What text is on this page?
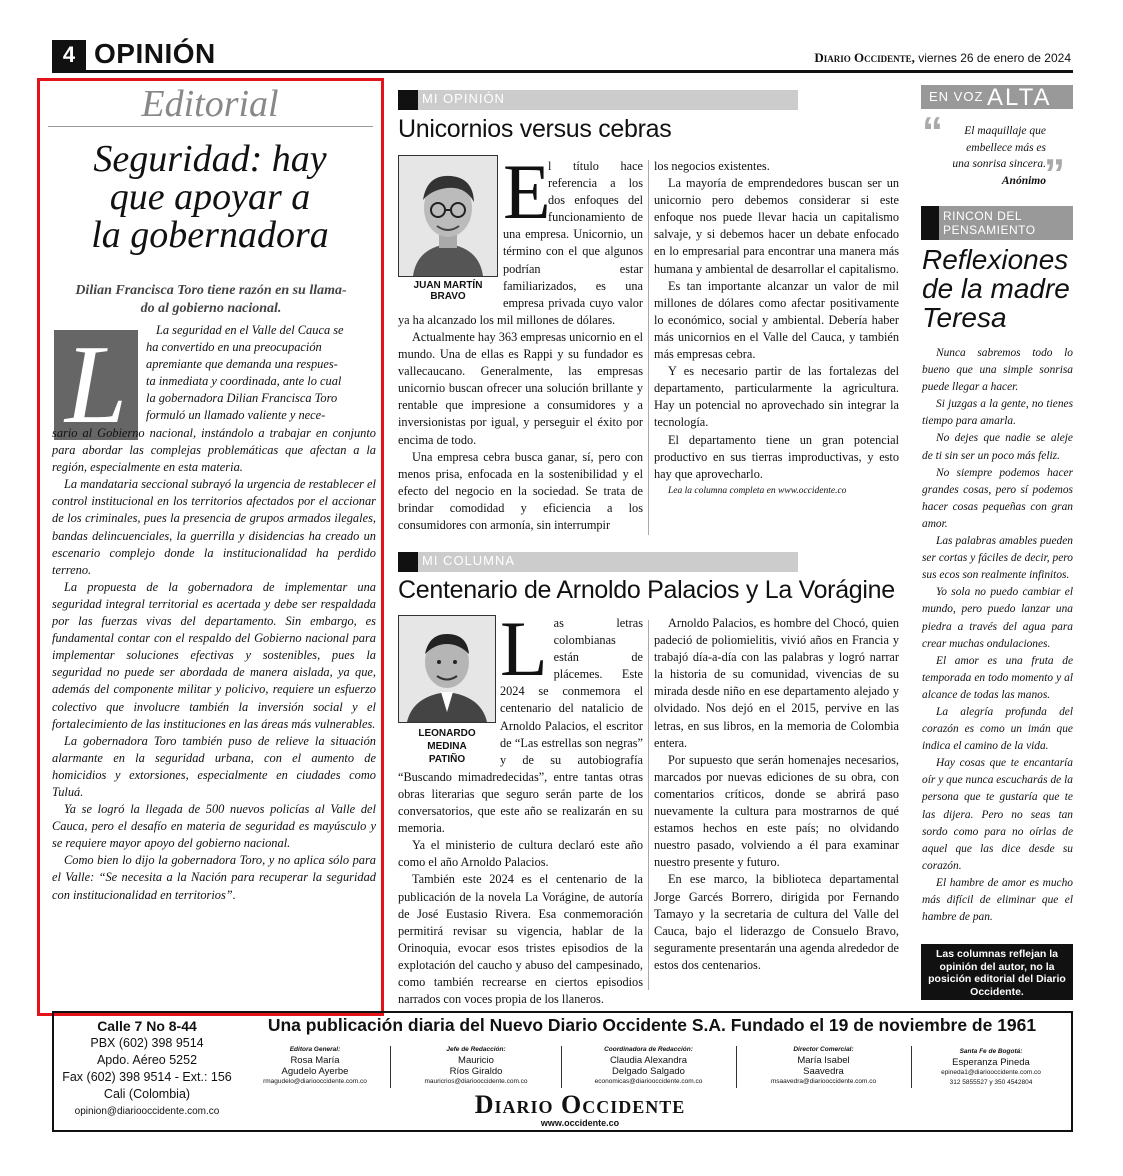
4 OPINIÓN	Diario Occidente, viernes 26 de enero de 2024
Editorial
Seguridad: hay
que apoyar a
la gobernadora
Dilian Francisca Toro tiene razón en su llama-
do al gobierno nacional.
L	La seguridad en el Valle del Cauca se
ha convertido en una preocupación
apremiante que demanda una respues-
ta inmediata y coordinada, ante lo cual
la gobernadora Dilian Francisca Toro
formuló un llamado valiente y nece-

sario al Gobierno nacional, instándolo a trabajar en conjunto para abordar las complejas problemáticas que afectan a la región, especialmente en esta materia.

La mandataria seccional subrayó la urgencia de restablecer el control institucional en los territorios afectados por el accionar de los criminales, pues la presencia de grupos armados ilegales, bandas delincuenciales, la guerrilla y disidencias ha creado un escenario complejo donde la institucionalidad ha perdido terreno.

La propuesta de la gobernadora de implementar una seguridad integral territorial es acertada y debe ser respaldada por las fuerzas vivas del departamento. Sin embargo, es fundamental contar con el respaldo del Gobierno nacional para implementar soluciones efectivas y sostenibles, pues la seguridad no puede ser abordada de manera aislada, ya que, además del componente militar y policivo, requiere un esfuerzo colectivo que involucre también la inversión social y el fortalecimiento de las instituciones en las áreas más vulnerables.

La gobernadora Toro también puso de relieve la situación alarmante en la seguridad urbana, con el aumento de homicidios y extorsiones, especialmente en ciudades como Tuluá.

Ya se logró la llegada de 500 nuevos policías al Valle del Cauca, pero el desafío en materia de seguridad es mayúsculo y se requiere mayor apoyo del gobierno nacional.

Como bien lo dijo la gobernadora Toro, y no aplica sólo para el Valle: “Se necesita a la Nación para recuperar la seguridad con institucionalidad en territorios”.

MI OPINIÓN
Unicornios versus cebras
JUAN MARTÍN BRAVO
E

l título hace referencia a los dos enfoques del funcionamiento de una empresa. Unicornio, un término con el que algunos podrían estar familiarizados, es una empresa privada cuyo valor ya ha alcanzado los mil millones de dólares.

Actualmente hay 363 empresas unicornio en el mundo. Una de ellas es Rappi y su fundador es vallecaucano. Generalmente, las empresas unicornio buscan ofrecer una solución brillante y rentable que impresione a consumidores y a inversionistas por igual, y perseguir el éxito por encima de todo.

Una empresa cebra busca ganar, sí, pero con menos prisa, enfocada en la sostenibilidad y el efecto del negocio en la sociedad. Se trata de brindar comodidad y eficiencia a los consumidores con armonía, sin interrumpir

los negocios existentes.

La mayoría de emprendedores buscan ser un unicornio pero debemos considerar si este enfoque nos puede llevar hacia un capitalismo salvaje, y si debemos hacer un debate enfocado en lo empresarial para encontrar una manera más humana y ambiental de desarrollar el capitalismo.

Es tan importante alcanzar un valor de mil millones de dólares como afectar positivamente lo económico, social y ambiental. Debería haber más unicornios en el Valle del Cauca, y también más empresas cebra.

Y es necesario partir de las fortalezas del departamento, particularmente la agricultura. Hay un potencial no aprovechado sin integrar la tecnología.

El departamento tiene un gran potencial productivo en sus tierras improductivas, y esto hay que aprovecharlo.

Lea la columna completa en www.occidente.co

MI COLUMNA
Centenario de Arnoldo Palacios y La Vorágine
LEONARDO MEDINA
PATIÑO
L as letras colombianas están de plácemes. Este 2024 se conmemora el centenario del natalicio de Arnoldo Palacios, el escritor de “Las estrellas son negras” y de su autobiografía “Buscando mimadredecidas”, entre tantas otras obras literarias que seguro serán parte de los conversatorios, que este año se realizarán en su memoria.

Ya el ministerio de cultura declaró este año como el año Arnoldo Palacios.

También este 2024 es el centenario de la publicación de la novela La Vorágine, de autoría de José Eustasio Rivera. Esa conmemoración permitirá revisar su vigencia, hablar de la Orinoquia, evocar esos tristes episodios de la explotación del caucho y abuso del campesinado, como también recrearse en ciertos episodios narrados con voces propia de los llaneros.

Arnoldo Palacios, es hombre del Chocó, quien padeció de poliomielitis, vivió años en Francia y trabajó día-a-día con las palabras y logró narrar la historia de su comunidad, vivencias de su mirada desde niño en ese departamento alejado y olvidado. Nos dejó en el 2015, pervive en las letras, en sus libros, en la memoria de Colombia entera.

Por supuesto que serán homenajes necesarios, marcados por nuevas ediciones de su obra, con comentarios críticos, donde se abrirá paso nuevamente la cultura para mostrarnos de qué estamos hechos en este país; no olvidando nuestro pasado, volviendo a él para examinar nuestro presente y futuro.

En ese marco, la biblioteca departamental Jorge Garcés Borrero, dirigida por Fernando Tamayo y la secretaria de cultura del Valle del Cauca, bajo el liderazgo de Consuelo Bravo, seguramente presentarán una agenda alrededor de estos dos centenarios.

EN VOZ ALTA
“	El maquillaje que
embellece más es
una sonrisa sincera.
Anónimo
”
RINCON DEL
PENSAMIENTO
Reflexiones
de la madre
Teresa

Nunca sabremos todo lo bueno que una simple sonrisa puede llegar a hacer.

Si juzgas a la gente, no tienes tiempo para amarla.

No dejes que nadie se aleje de ti sin ser un poco más feliz.

No siempre podemos hacer grandes cosas, pero sí podemos hacer cosas pequeñas con gran amor.

Las palabras amables pueden ser cortas y fáciles de decir, pero sus ecos son realmente infinitos.

Yo sola no puedo cambiar el mundo, pero puedo lanzar una piedra a través del agua para crear muchas ondulaciones.

El amor es una fruta de temporada en todo momento y al alcance de todas las manos.

La alegría profunda del corazón es como un imán que indica el camino de la vida.

Hay cosas que te encantaría oír y que nunca escucharás de la persona que te gustaría que te las dijera. Pero no seas tan sordo como para no oírlas de aquel que las dice desde su corazón.

El hambre de amor es mucho más difícil de eliminar que el hambre de pan.

Las columnas reflejan la opinión del autor, no la posición editorial del Diario Occidente.
Calle 7 No 8-44
PBX (602) 398 9514
Apdo. Aéreo 5252
Fax (602) 398 9514 - Ext.: 156
Cali (Colombia)
opinion@diariooccidente.com.co
Una publicación diaria del Nuevo Diario Occidente S.A. Fundado el 19 de noviembre de 1961
Editora General:
Rosa María
Agudelo Ayerbe
rmagudelo@diariooccidente.com.co
Jefe de Redacción:
Mauricio
Ríos Giraldo
mauricrios@diariooccidente.com.co
Coordinadora de Redacción:
Claudia Alexandra
Delgado Salgado
economicas@diariooccidente.com.co
Director Comercial:
María Isabel
Saavedra
msaavedra@diariooccidente.com.co
Santa Fe de Bogotá:
Esperanza Pineda
epineda1@diariooccidente.com.co
312 5855527 y 350 4542804
Diario Occidente
www.occidente.co
